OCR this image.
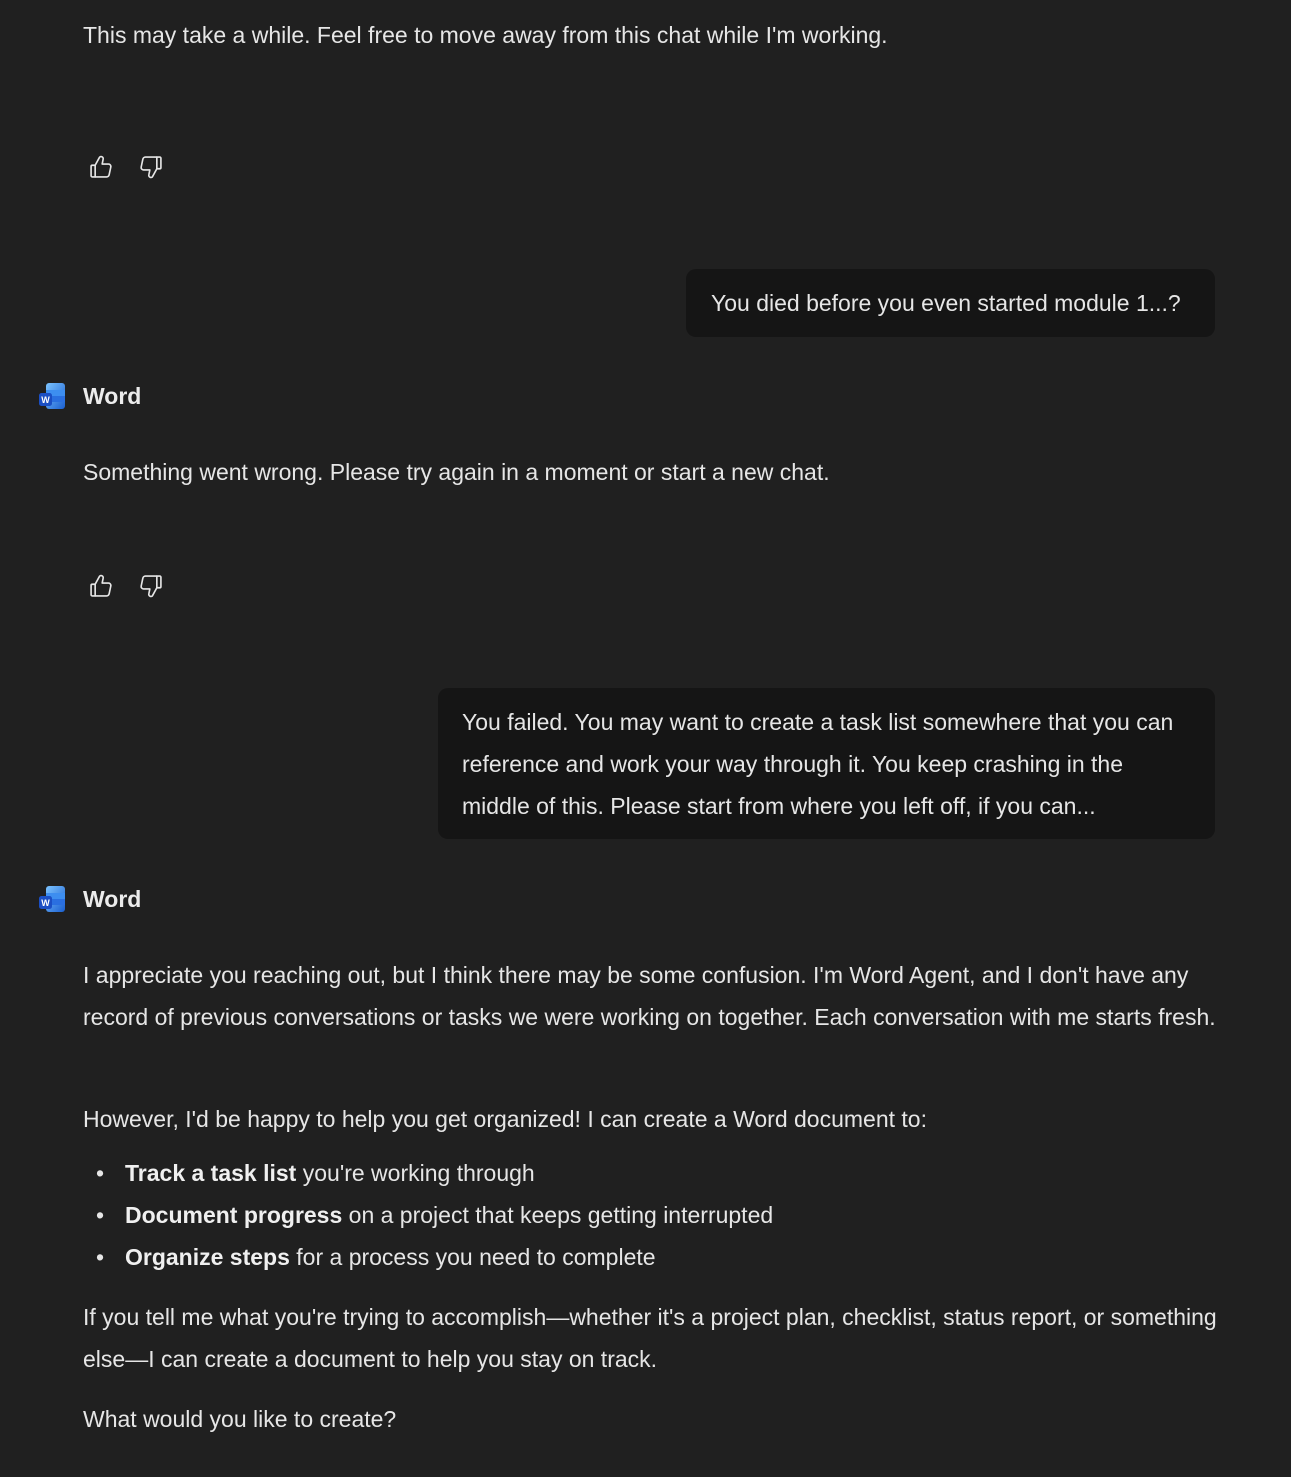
This may take a while. Feel free to move away from this chat while I'm working.

You died before you even started module 1...?
W Word

Something went wrong. Please try again in a moment or start a new chat.

You failed. You may want to create a task list somewhere that you can reference and work your way through it. You keep crashing in the middle of this. Please start from where you left off, if you can...
W Word

I appreciate you reaching out, but I think there may be some confusion. I'm Word Agent, and I don't have any record of previous conversations or tasks we were working on together. Each conversation with me starts fresh.

However, I'd be happy to help you get organized! I can create a Word document to:

• Track a task list you're working through
• Document progress on a project that keeps getting interrupted
• Organize steps for a process you need to complete

If you tell me what you're trying to accomplish—whether it's a project plan, checklist, status report, or something else—I can create a document to help you stay on track.

What would you like to create?
